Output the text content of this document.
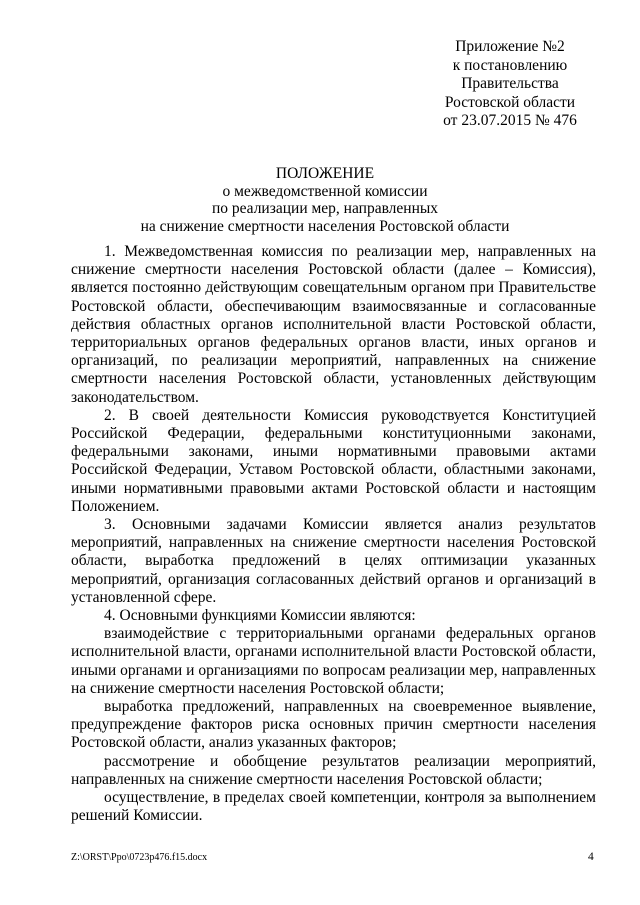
Приложение №2
к постановлению
Правительства
Ростовской области
от 23.07.2015 № 476
ПОЛОЖЕНИЕ
о межведомственной комиссии
по реализации мер, направленных
на снижение смертности населения Ростовской области

1. Межведомственная комиссия по реализации мер, направленных на снижение смертности населения Ростовской области (далее – Комиссия), является постоянно действующим совещательным органом при Правительстве Ростовской области, обеспечивающим взаимосвязанные и согласованные действия областных органов исполнительной власти Ростовской области, территориальных органов федеральных органов власти, иных органов и организаций, по реализации мероприятий, направленных на снижение смертности населения Ростовской области, установленных действующим законодательством.

2. В своей деятельности Комиссия руководствуется Конституцией Российской Федерации, федеральными конституционными законами, федеральными законами, иными нормативными правовыми актами Российской Федерации, Уставом Ростовской области, областными законами, иными нормативными правовыми актами Ростовской области и настоящим Положением.

3. Основными задачами Комиссии является анализ результатов мероприятий, направленных на снижение смертности населения Ростовской области, выработка предложений в целях оптимизации указанных мероприятий, организация согласованных действий органов и организаций в установленной сфере.

4. Основными функциями Комиссии являются:

взаимодействие с территориальными органами федеральных органов исполнительной власти, органами исполнительной власти Ростовской области, иными органами и организациями по вопросам реализации мер, направленных на снижение смертности населения Ростовской области;

выработка предложений, направленных на своевременное выявление, предупреждение факторов риска основных причин смертности населения Ростовской области, анализ указанных факторов;

рассмотрение и обобщение результатов реализации мероприятий, направленных на снижение смертности населения Ростовской области;

осуществление, в пределах своей компетенции, контроля за выполнением решений Комиссии.

Z:\ORST\Ppo\0723p476.f15.docx	4
